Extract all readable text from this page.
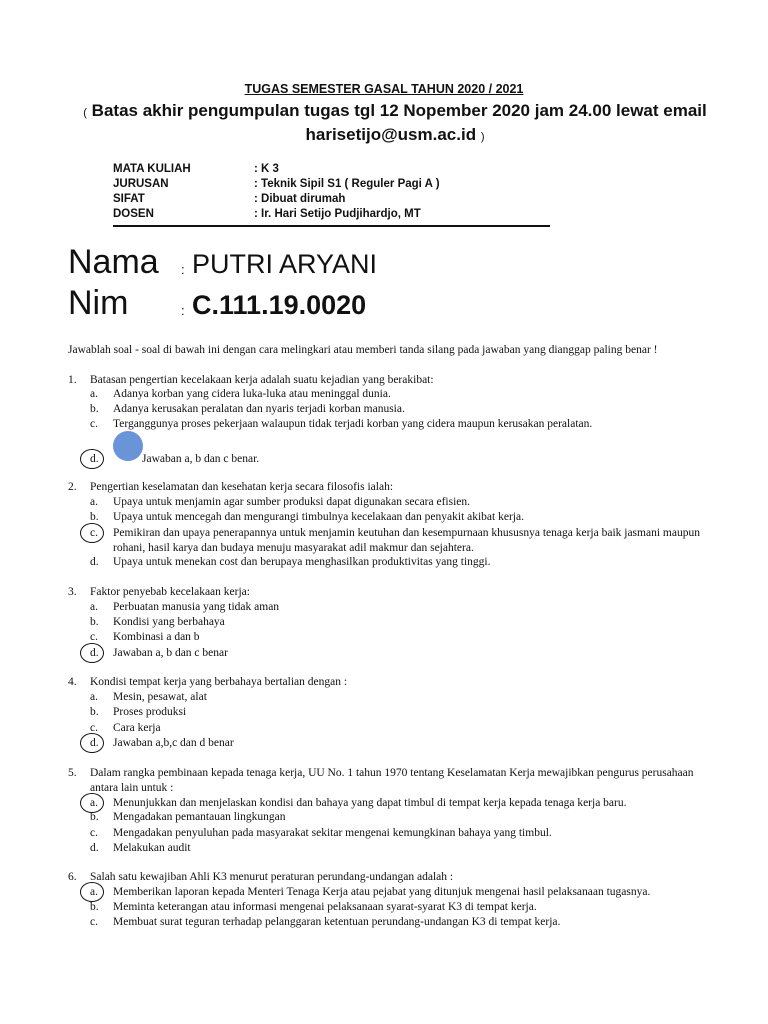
TUGAS SEMESTER GASAL TAHUN 2020 / 2021
( Batas akhir pengumpulan tugas tgl 12 Nopember 2020 jam 24.00 lewat email harisetijo@usm.ac.id )
MATA KULIAH	: K 3
JURUSAN	: Teknik Sipil S1 ( Reguler Pagi A )
SIFAT	: Dibuat dirumah
DOSEN	: Ir. Hari Setijo Pudjihardjo, MT
Nama : PUTRI ARYANI
Nim	: C.111.19.0020
Jawablah soal - soal di bawah ini dengan cara melingkari atau memberi tanda silang pada jawaban yang dianggap paling benar !
1. Batasan pengertian kecelakaan kerja adalah suatu kejadian yang berakibat:
a. Adanya korban yang cidera luka-luka atau meninggal dunia.
b. Adanya kerusakan peralatan dan nyaris terjadi korban manusia.
c. Terganggunya proses pekerjaan walaupun tidak terjadi korban yang cidera maupun kerusakan peralatan.
d.	Jawaban a, b dan c benar.
2. Pengertian keselamatan dan kesehatan kerja secara filosofis ialah:
a. Upaya untuk menjamin agar sumber produksi dapat digunakan secara efisien.
b. Upaya untuk mencegah dan mengurangi timbulnya kecelakaan dan penyakit akibat kerja.
c. Pemikiran dan upaya penerapannya untuk menjamin keutuhan dan kesempurnaan khususnya tenaga kerja baik jasmani maupun rohani, hasil karya dan budaya menuju masyarakat adil makmur dan sejahtera.
d. Upaya untuk menekan cost dan berupaya menghasilkan produktivitas yang tinggi.
3. Faktor penyebab kecelakaan kerja:
a. Perbuatan manusia yang tidak aman
b. Kondisi yang berbahaya
c. Kombinasi a dan b
d. Jawaban a, b dan c benar
4. Kondisi tempat kerja yang berbahaya bertalian dengan :
a. Mesin, pesawat, alat
b. Proses produksi
c. Cara kerja
d. Jawaban a,b,c dan d benar
5. Dalam rangka pembinaan kepada tenaga kerja, UU No. 1 tahun 1970 tentang Keselamatan Kerja mewajibkan pengurus perusahaan antara lain untuk :
a. Menunjukkan dan menjelaskan kondisi dan bahaya yang dapat timbul di tempat kerja kepada tenaga kerja baru.
b. Mengadakan pemantauan lingkungan
c. Mengadakan penyuluhan pada masyarakat sekitar mengenai kemungkinan bahaya yang timbul.
d. Melakukan audit
6. Salah satu kewajiban Ahli K3 menurut peraturan perundang-undangan adalah :
a. Memberikan laporan kepada Menteri Tenaga Kerja atau pejabat yang ditunjuk mengenai hasil pelaksanaan tugasnya.
b. Meminta keterangan atau informasi mengenai pelaksanaan syarat-syarat K3 di tempat kerja.
c. Membuat surat teguran terhadap pelanggaran ketentuan perundang-undangan K3 di tempat kerja.
